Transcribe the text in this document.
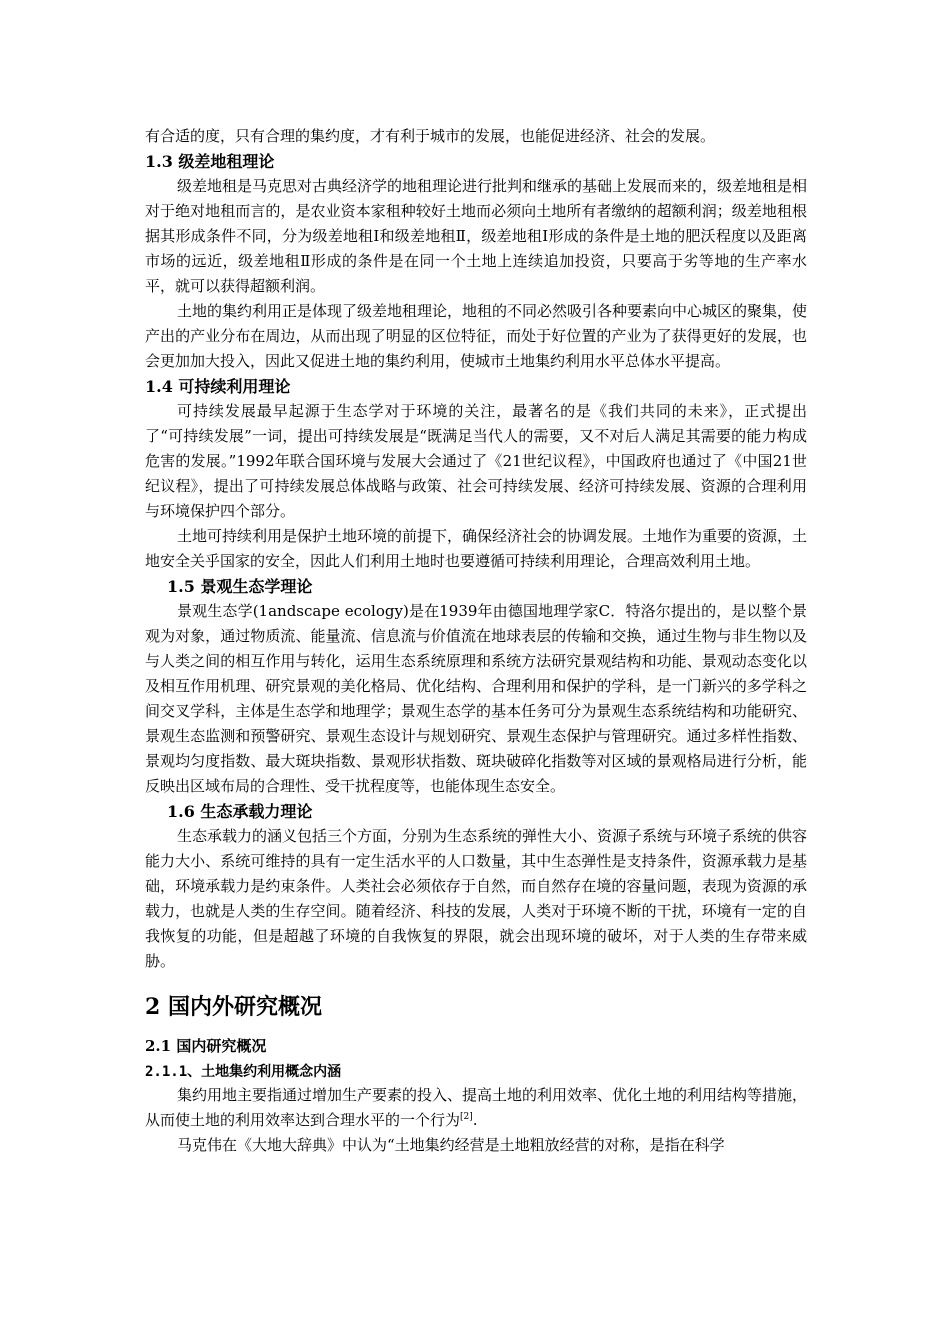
有合适的度，只有合理的集约度，才有利于城市的发展，也能促进经济、社会的发展。

1.3 级差地租理论

级差地租是马克思对古典经济学的地租理论进行批判和继承的基础上发展而来的，级差地租是相对于绝对地租而言的，是农业资本家租种较好土地而必须向土地所有者缴纳的超额利润；级差地租根据其形成条件不同，分为级差地租Ⅰ和级差地租Ⅱ，级差地租Ⅰ形成的条件是土地的肥沃程度以及距离市场的远近，级差地租Ⅱ形成的条件是在同一个土地上连续追加投资，只要高于劣等地的生产率水平，就可以获得超额利润。

土地的集约利用正是体现了级差地租理论，地租的不同必然吸引各种要素向中心城区的聚集，使产出的产业分布在周边，从而出现了明显的区位特征，而处于好位置的产业为了获得更好的发展，也会更加加大投入，因此又促进土地的集约利用，使城市土地集约利用水平总体水平提高。

1.4 可持续利用理论

可持续发展最早起源于生态学对于环境的关注，最著名的是《我们共同的未来》，正式提出了“可持续发展”一词，提出可持续发展是“既满足当代人的需要，又不对后人满足其需要的能力构成危害的发展。”1992年联合国环境与发展大会通过了《21世纪议程》，中国政府也通过了《中国21世纪议程》，提出了可持续发展总体战略与政策、社会可持续发展、经济可持续发展、资源的合理利用与环境保护四个部分。

土地可持续利用是保护土地环境的前提下，确保经济社会的协调发展。土地作为重要的资源，土地安全关乎国家的安全，因此人们利用土地时也要遵循可持续利用理论，合理高效利用土地。

1.5 景观生态学理论

景观生态学(1andscape ecology)是在1939年由德国地理学家C．特洛尔提出的，是以整个景观为对象，通过物质流、能量流、信息流与价值流在地球表层的传输和交换，通过生物与非生物以及与人类之间的相互作用与转化，运用生态系统原理和系统方法研究景观结构和功能、景观动态变化以及相互作用机理、研究景观的美化格局、优化结构、合理利用和保护的学科，是一门新兴的多学科之间交叉学科，主体是生态学和地理学；景观生态学的基本任务可分为景观生态系统结构和功能研究、景观生态监测和预警研究、景观生态设计与规划研究、景观生态保护与管理研究。通过多样性指数、景观均匀度指数、最大斑块指数、景观形状指数、斑块破碎化指数等对区域的景观格局进行分析，能反映出区域布局的合理性、受干扰程度等，也能体现生态安全。

1.6 生态承载力理论

生态承载力的涵义包括三个方面，分别为生态系统的弹性大小、资源子系统与环境子系统的供容能力大小、系统可维持的具有一定生活水平的人口数量，其中生态弹性是支持条件，资源承载力是基础，环境承载力是约束条件。人类社会必须依存于自然，而自然存在境的容量问题，表现为资源的承载力，也就是人类的生存空间。随着经济、科技的发展，人类对于环境不断的干扰，环境有一定的自我恢复的功能，但是超越了环境的自我恢复的界限，就会出现环境的破坏，对于人类的生存带来威胁。

2 国内外研究概况

2.1 国内研究概况

2.1.1、土地集约利用概念内涵

集约用地主要指通过增加生产要素的投入、提高土地的利用效率、优化土地的利用结构等措施，从而使土地的利用效率达到合理水平的一个行为[2].

马克伟在《大地大辞典》中认为“土地集约经营是土地粗放经营的对称，是指在科学
